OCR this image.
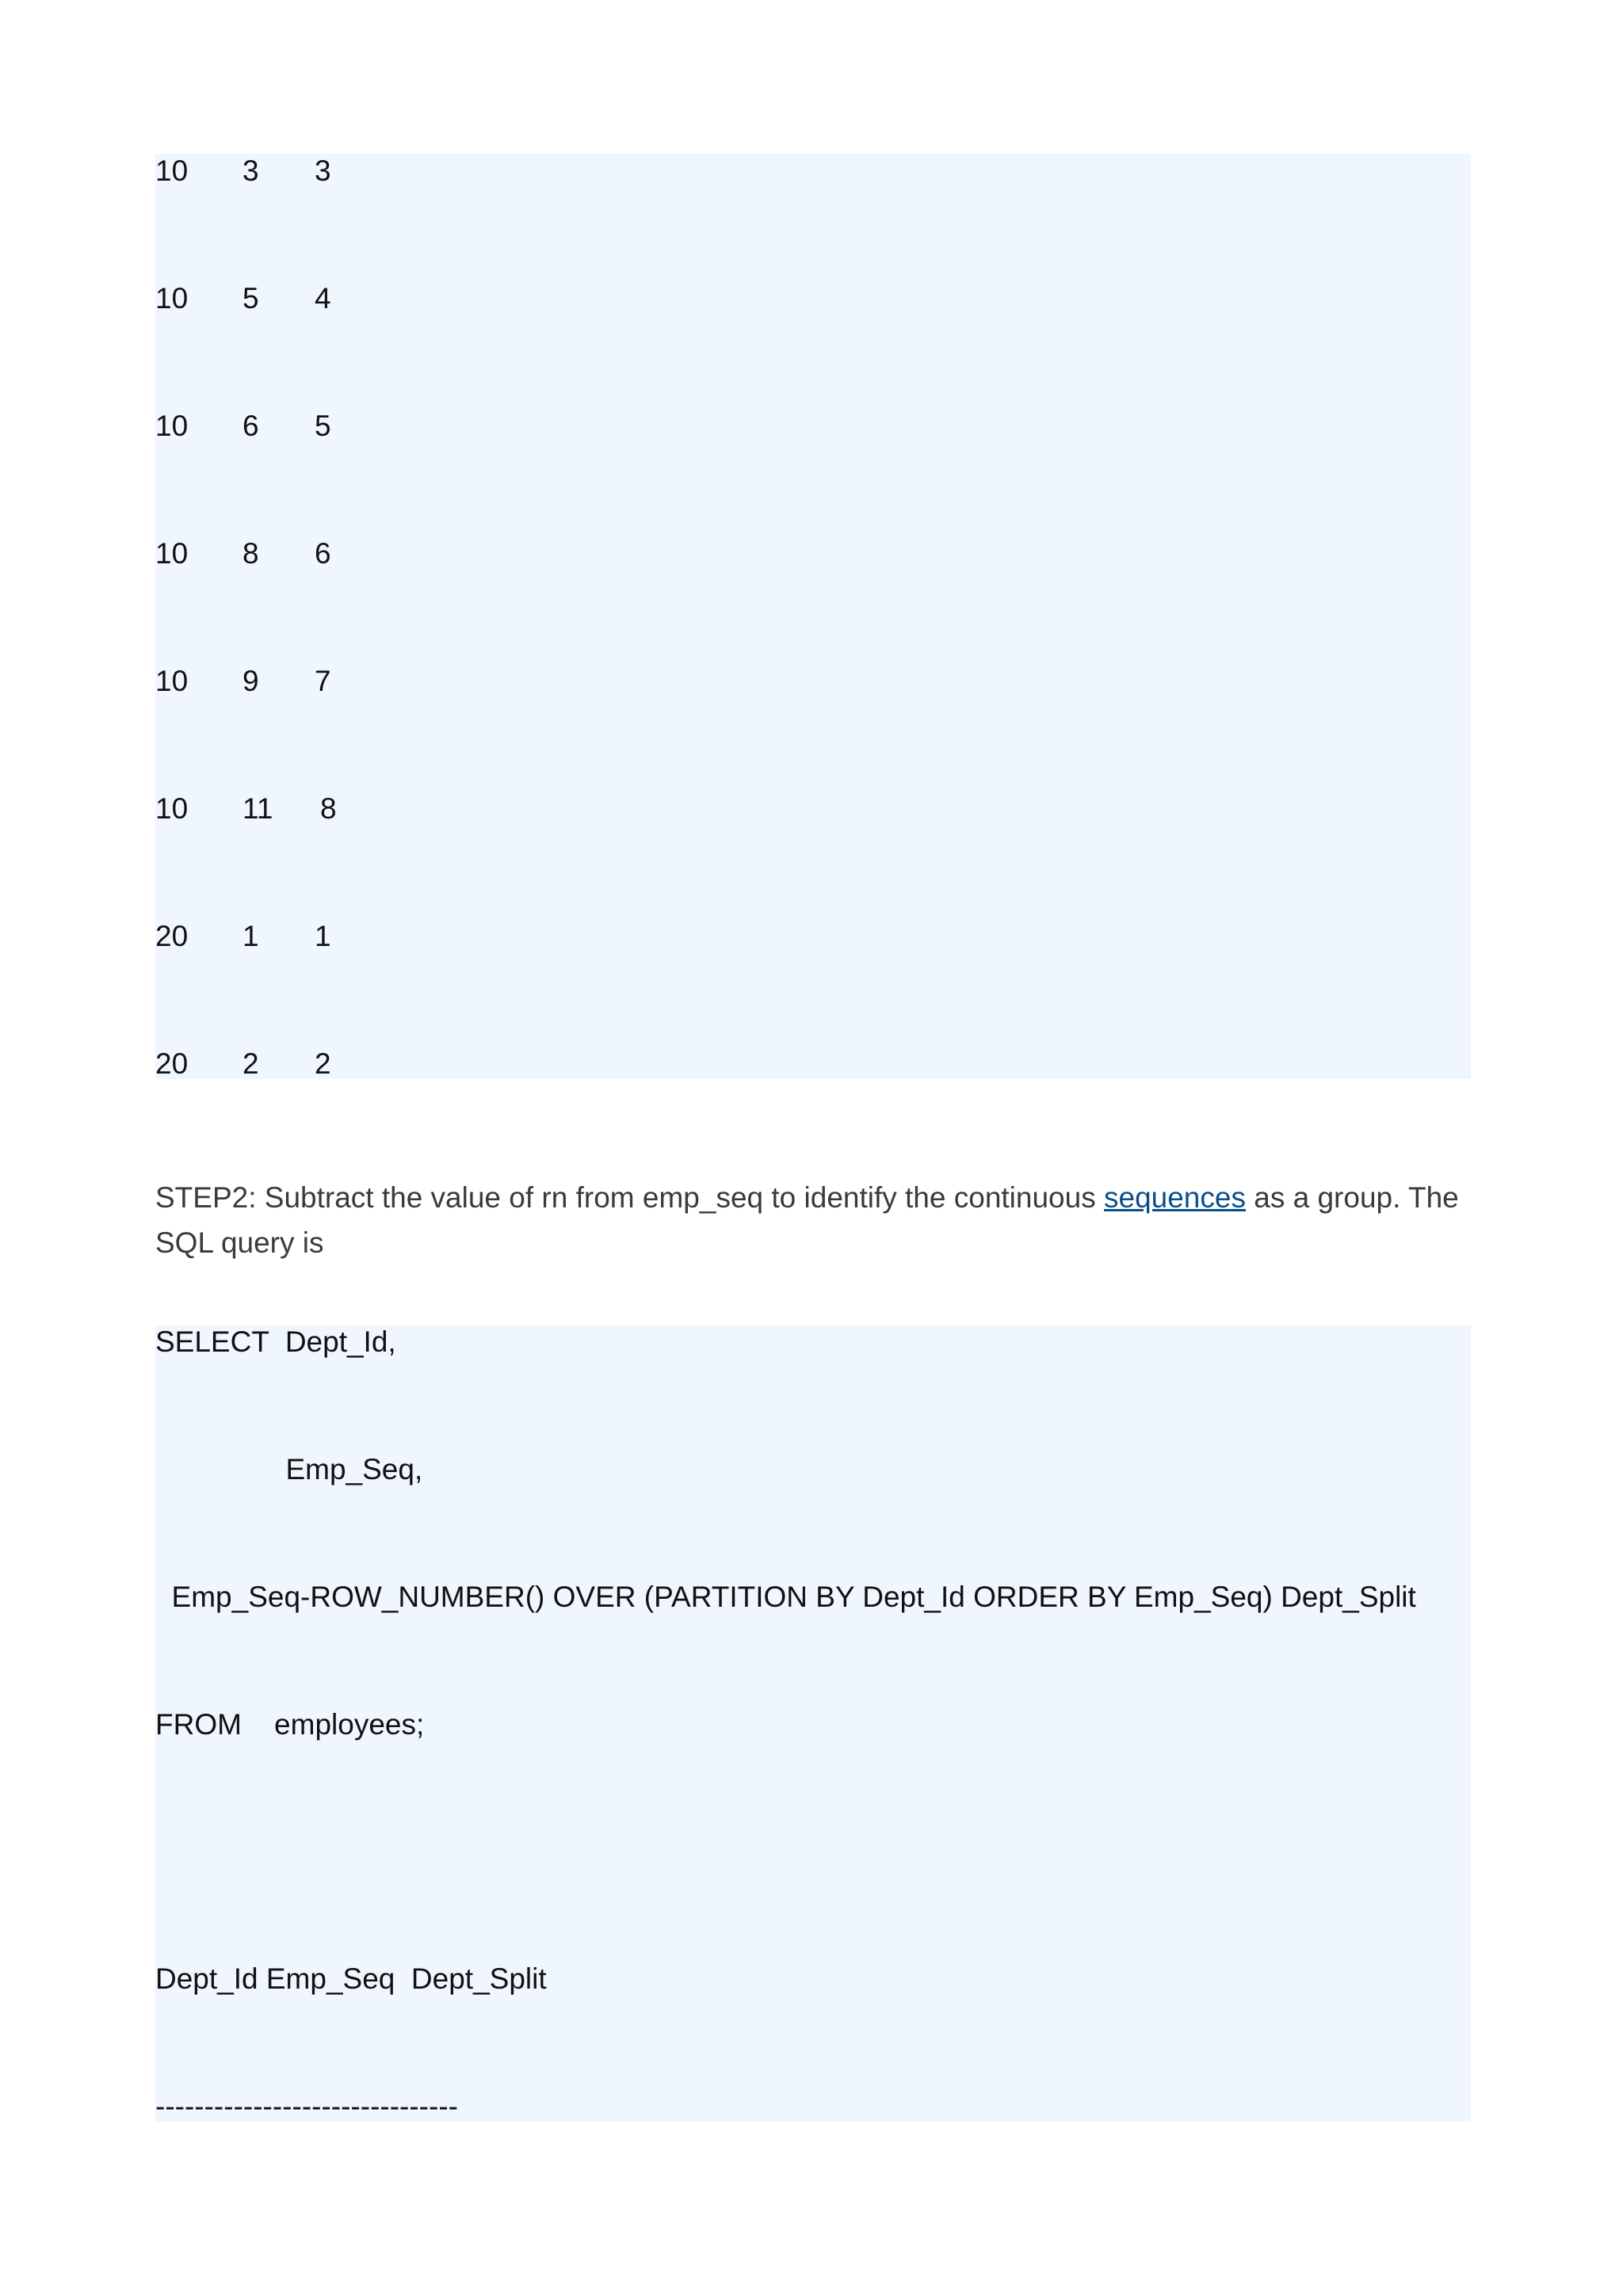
10 3 3
10 5 4
10 6 5
10 8 6
10 9 7
10 11 8
20 1 1
20 2 2

STEP2: Subtract the value of rn from emp_seq to identify the continuous sequences as a group. The SQL query is

SELECT  Dept_Id,
Emp_Seq,
Emp_Seq-ROW_NUMBER() OVER (PARTITION BY Dept_Id ORDER BY Emp_Seq) Dept_Split
FROM    employees;
Dept_Id Emp_Seq  Dept_Split
-------------------------------
